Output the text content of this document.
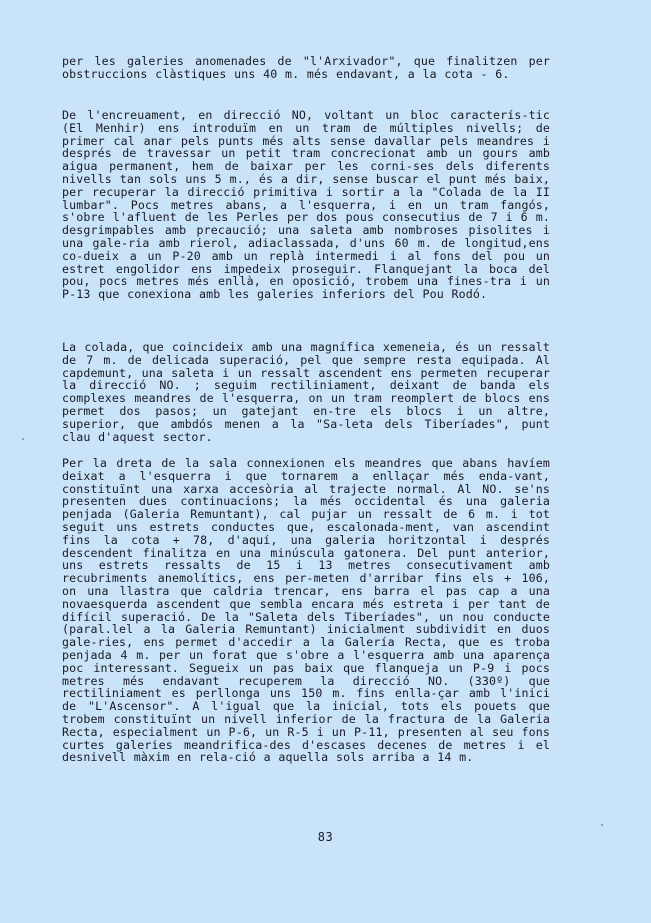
per les galeries anomenades de "l'Arxivador", que finalitzen per obstruccions clàstiques uns 40 m. més endavant, a la cota - 6.

De l'encreuament, en direcció NO, voltant un bloc caracterís-tic (El Menhir) ens introduïm en un tram de múltiples nivells; de primer cal anar pels punts més alts sense davallar pels meandres i després de travessar un petit tram concrecionat amb un gours amb aigua permanent, hem de baixar per les corni-ses dels diferents nivells tan sols uns 5 m., és a dir, sense buscar el punt més baix, per recuperar la direcció primitiva i sortir a la "Colada de la II lumbar". Pocs metres abans, a l'esquerra, i en un tram fangós, s'obre l'afluent de les Perles per dos pous consecutius de 7 i 6 m. desgrimpables amb precaució; una saleta amb nombroses pisolites i una gale-ria amb rierol, adiaclassada, d'uns 60 m. de longitud,ens co-dueix a un P-20 amb un replà intermedi i al fons del pou un estret engolidor ens impedeix proseguir. Flanquejant la boca del pou, pocs metres més enllà, en oposició, trobem una fines-tra i un P-13 que conexiona amb les galeries inferiors del Pou Rodó.

La colada, que coincideix amb una magnífica xemeneia, és un ressalt de 7 m. de delicada superació, pel que sempre resta equipada. Al capdemunt, una saleta i un ressalt ascendent ens permeten recuperar la direcció NO. ; seguim rectiliniament, deixant de banda els complexes meandres de l'esquerra, on un tram reomplert de blocs ens permet dos pasos; un gatejant en-tre els blocs i un altre, superior, que ambdós menen a la "Sa-leta dels Tiberíades", punt clau d'aquest sector.

Per la dreta de la sala connexionen els meandres que abans havíem deixat a l'esquerra i que tornarem a enllaçar més enda-vant, constituïnt una xarxa accesòria al trajecte normal. Al NO. se'ns presenten dues continuacions; la més occidental és una galeria penjada (Galeria Remuntant), cal pujar un ressalt de 6 m. i tot seguit uns estrets conductes que, escalonada-ment, van ascendint fins la cota + 78, d'aquí, una galeria horitzontal i després descendent finalitza en una minúscula gatonera. Del punt anterior, uns estrets ressalts de 15 i 13 metres consecutivament amb recubriments anemolítics, ens per-meten d'arribar fins els + 106, on una llastra que caldria trencar, ens barra el pas cap a una novaesquerda ascendent que sembla encara més estreta i per tant de difícil superació. De la "Saleta dels Tiberíades", un nou conducte (paral.lel a la Galeria Remuntant) inicialment subdividit en duos gale-ries, ens permet d'accedir a la Galería Recta, que es troba penjada 4 m. per un forat que s'obre a l'esquerra amb una aparença poc interessant. Segueix un pas baix que flanqueja un P-9 i pocs metres més endavant recuperem la direcció NO. (330º) que rectiliniament es perllonga uns 150 m. fins enlla-çar amb l'inici de "L'Ascensor". A l'igual que la inicial, tots els pouets que trobem constituïnt un nivell inferior de la fractura de la Galeria Recta, especialment un P-6, un R-5 i un P-11, presenten al seu fons curtes galeries meandrifica-des d'escases decenes de metres i el desnivell màxim en rela-ció a aquella sols arriba a 14 m.

83
